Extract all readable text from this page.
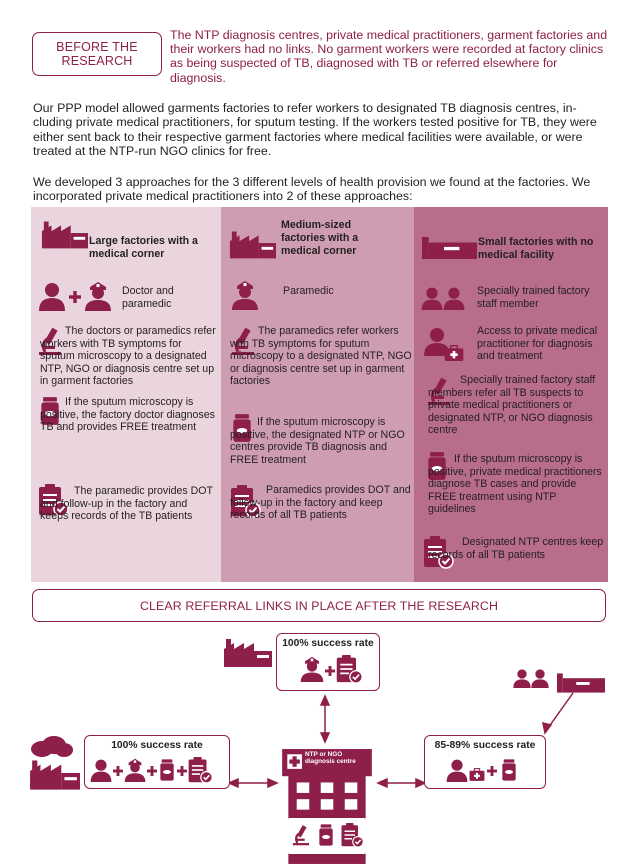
BEFORE THE RESEARCH
The NTP diagnosis centres, private medical practitioners, garment factories and their workers had no links. No garment workers were recorded at factory clinics as being suspected of TB, diagnosed with TB or referred elsewhere for diagnosis.
Our PPP model allowed garments factories to refer workers to designated TB diagnosis centres, in-cluding private medical practitioners, for sputum testing. If the workers tested positive for TB, they were either sent back to their respective garment factories where medical facilities were available, or were treated at the NTP-run NGO clinics for free.
We developed 3 approaches for the 3 different levels of health provision we found at the factories. We incorporated private medical practitioners into 2 of these approaches:
Large factories with a medical corner
Doctor and paramedic
The doctors or paramedics refer workers with TB symptoms for sputum microscopy to a designated NTP, NGO or diagnosis centre set up in garment factories
If the sputum microscopy is positive, the factory doctor diagnoses TB and provides FREE treatment
The paramedic provides DOT and follow-up in the factory and keeps records of the TB patients
Medium-sized factories with a medical corner
Paramedic
The paramedics refer workers with TB symptoms for sputum microscopy to a designated NTP, NGO or diagnosis centre set up in garment factories
If the sputum microscopy is positive, the designated NTP or NGO centres provide TB diagnosis and FREE treatment
Paramedics provides DOT and follow-up in the factory and keep records of all TB patients
Small factories with no medical facility
Specially trained factory staff member
Access to private medical practitioner for diagnosis and treatment
Specially trained factory staff members refer all TB suspects to private medical practitioners or designated NTP, or NGO diagnosis centre
If the sputum microscopy is positive, private medical practitioners diagnose TB cases and provide FREE treatment using NTP guidelines
Designated NTP centres keep records of all TB patients
CLEAR REFERRAL LINKS IN PLACE AFTER THE RESEARCH
100% success rate
100% success rate	85-89% success rate
NTP or NGO diagnosis centre
